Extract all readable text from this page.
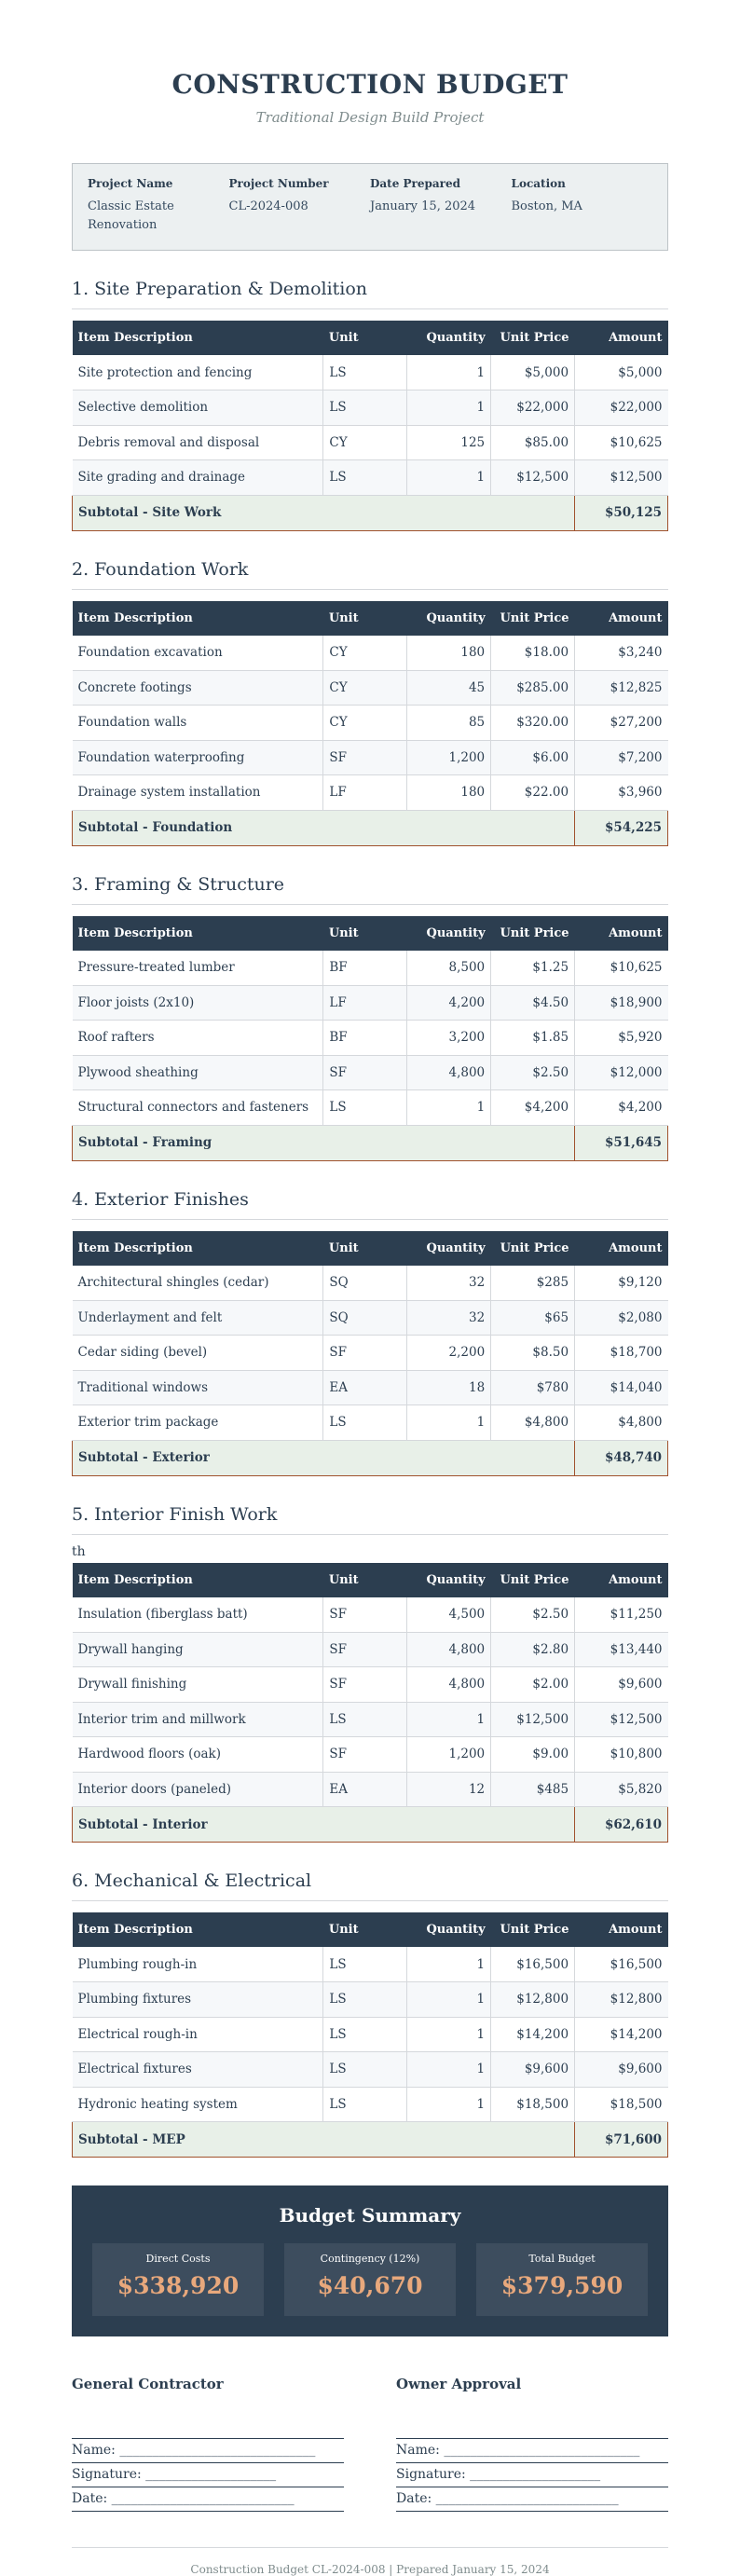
CONSTRUCTION BUDGET
Traditional Design Build Project
Project Name
Classic Estate Renovation
Project Number
CL-2024-008
Date Prepared
January 15, 2024
Location
Boston, MA
1. Site Preparation & Demolition
Item Description	Unit	Quantity	Unit Price	Amount
Site protection and fencing	LS	1	$5,000	$5,000
Selective demolition	LS	1	$22,000	$22,000
Debris removal and disposal	CY	125	$85.00	$10,625
Site grading and drainage	LS	1	$12,500	$12,500
Subtotal - Site Work				$50,125
2. Foundation Work
Item Description	Unit	Quantity	Unit Price	Amount
Foundation excavation	CY	180	$18.00	$3,240
Concrete footings	CY	45	$285.00	$12,825
Foundation walls	CY	85	$320.00	$27,200
Foundation waterproofing	SF	1,200	$6.00	$7,200
Drainage system installation	LF	180	$22.00	$3,960
Subtotal - Foundation				$54,225
3. Framing & Structure
Item Description	Unit	Quantity	Unit Price	Amount
Pressure-treated lumber	BF	8,500	$1.25	$10,625
Floor joists (2x10)	LF	4,200	$4.50	$18,900
Roof rafters	BF	3,200	$1.85	$5,920
Plywood sheathing	SF	4,800	$2.50	$12,000
Structural connectors and fasteners	LS	1	$4,200	$4,200
Subtotal - Framing				$51,645
4. Exterior Finishes
Item Description	Unit	Quantity	Unit Price	Amount
Architectural shingles (cedar)	SQ	32	$285	$9,120
Underlayment and felt	SQ	32	$65	$2,080
Cedar siding (bevel)	SF	2,200	$8.50	$18,700
Traditional windows	EA	18	$780	$14,040
Exterior trim package	LS	1	$4,800	$4,800
Subtotal - Exterior				$48,740
5. Interior Finish Work
th
Item Description	Unit	Quantity	Unit Price	Amount
Insulation (fiberglass batt)	SF	4,500	$2.50	$11,250
Drywall hanging	SF	4,800	$2.80	$13,440
Drywall finishing	SF	4,800	$2.00	$9,600
Interior trim and millwork	LS	1	$12,500	$12,500
Hardwood floors (oak)	SF	1,200	$9.00	$10,800
Interior doors (paneled)	EA	12	$485	$5,820
Subtotal - Interior				$62,610
6. Mechanical & Electrical
Item Description	Unit	Quantity	Unit Price	Amount
Plumbing rough-in	LS	1	$16,500	$16,500
Plumbing fixtures	LS	1	$12,800	$12,800
Electrical rough-in	LS	1	$14,200	$14,200
Electrical fixtures	LS	1	$9,600	$9,600
Hydronic heating system	LS	1	$18,500	$18,500
Subtotal - MEP				$71,600
Budget Summary
Direct Costs
$338,920
Contingency (12%)
$40,670
Total Budget
$379,590
General Contractor
Name: ______________________________
Signature: ____________________
Date: ____________________________
Owner Approval
Name: ______________________________
Signature: ____________________
Date: ____________________________
Construction Budget CL-2024-008 | Prepared January 15, 2024
